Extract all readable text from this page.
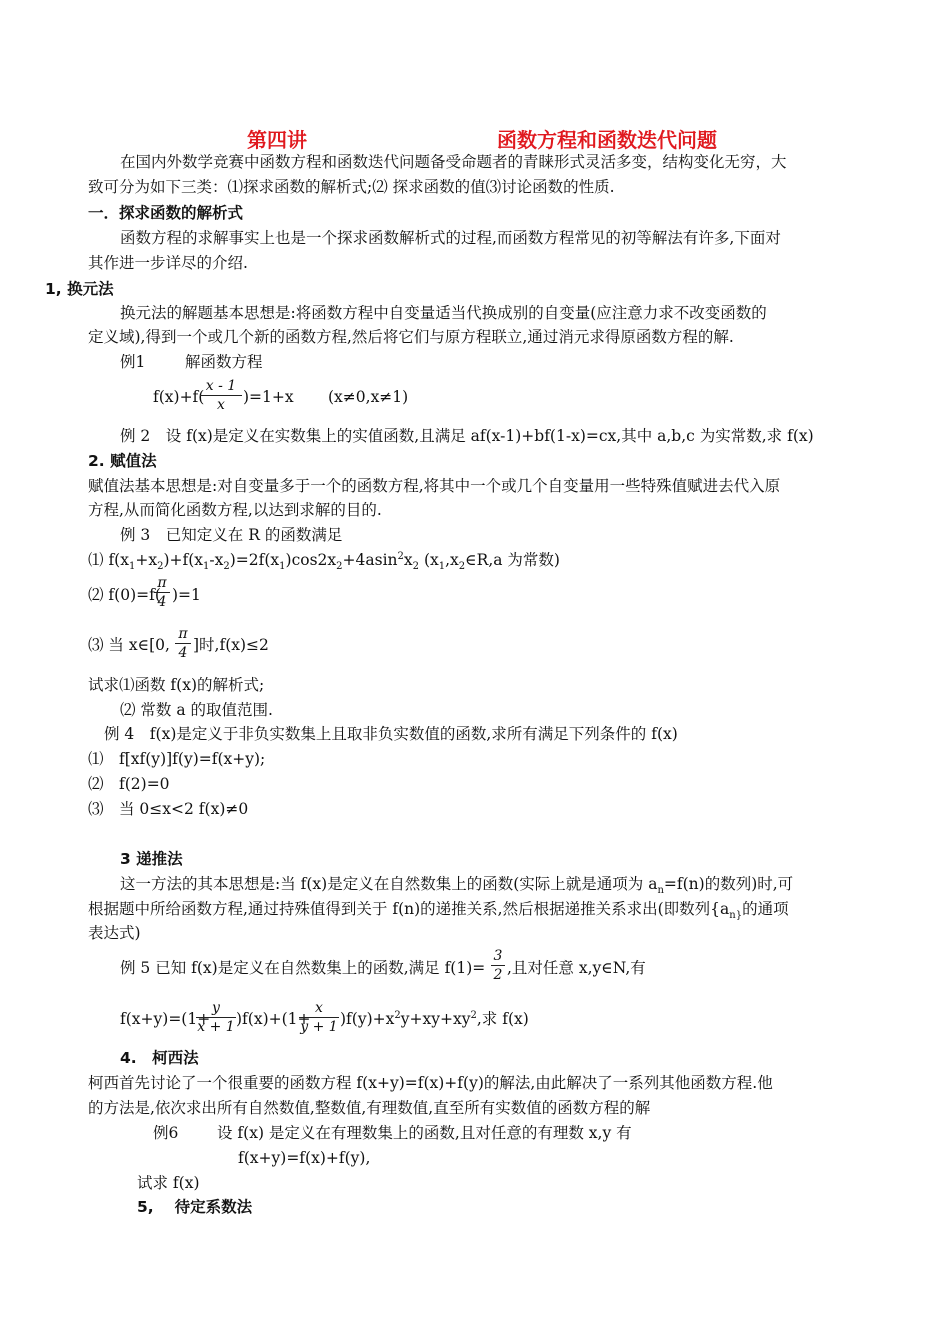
第四讲	函数方程和函数迭代问题
在国内外数学竞赛中函数方程和函数迭代问题备受命题者的青睐形式灵活多变，结构变化无穷，大
致可分为如下三类：⑴探求函数的解析式;⑵ 探求函数的值⑶讨论函数的性质.
一．探求函数的解析式
函数方程的求解事实上也是一个探求函数解析式的过程,而函数方程常见的初等解法有许多,下面对
其作进一步详尽的介绍.
1, 换元法
换元法的解题基本思想是:将函数方程中自变量适当代换成别的自变量(应注意力求不改变函数的
定义域),得到一个或几个新的函数方程,然后将它们与原方程联立,通过消元求得原函数方程的解.
例1	解函数方程
f(x)+f(
$\frac{x - 1}{x} )=1+x$ (x≠0,x≠1)
例 2　设 f(x)是定义在实数集上的实值函数,且满足 af(x-1)+bf(1-x)=cx,其中 a,b,c 为实常数,求 f(x)
2. 赋值法
赋值法基本思想是:对自变量多于一个的函数方程,将其中一个或几个自变量用一些特殊值赋进去代入原
方程,从而简化函数方程,以达到求解的目的.
例 3　已知定义在 R 的函数满足
⑴ $f(x_1+x_2)+f(x_1-x_2)=2f(x_1)\cos 2x_2+4asin^2x_2$ ($x_1,x_2\in R,a$ 为常数)
⑵ f(0)=f(
$\frac{\pi}{4} )=1$
⑶ 当 x∈[0, $\frac{\pi}{4}$ ]时,f(x)≤2
试求⑴函数 f(x)的解析式;
⑵ 常数 a 的取值范围.
例 4　f(x)是定义于非负实数集上且取非负实数值的函数,求所有满足下列条件的 f(x)
⑴　f[xf(y)]f(y)=f(x+y);
⑵　f(2)=0
⑶　当 0≤x<2 f(x)≠0
3 递推法
这一方法的其本思想是:当 f(x)是定义在自然数集上的函数(实际上就是通项为 $a_n=f(n)$的数列)时,可
根据题中所给函数方程,通过持殊值得到关于 f(n)的递推关系,然后根据递推关系求出(即数列{$a_{n\}}$的通项
表达式)
例 5 已知 f(x)是定义在自然数集上的函数,满足 $f(1)= \frac{3}{2}$ ,且对任意 x,y∈N,有
f(x+y)=(1+
$\frac{y}{x + 1} )f(x)+(1+$
$\frac{x}{y + 1} )f(y)+x^2y+xy+xy^2$,求 f(x)
4.　柯西法
柯西首先讨论了一个很重要的函数方程 f(x+y)=f(x)+f(y)的解法,由此解决了一系列其他函数方程.他
的方法是,依次求出所有自然数值,整数值,有理数值,直至所有实数值的函数方程的解
例6 设 f(x) 是定义在有理数集上的函数,且对任意的有理数 x,y 有
f(x+y)=f(x)+f(y),
试求 f(x)
5,　 待定系数法
